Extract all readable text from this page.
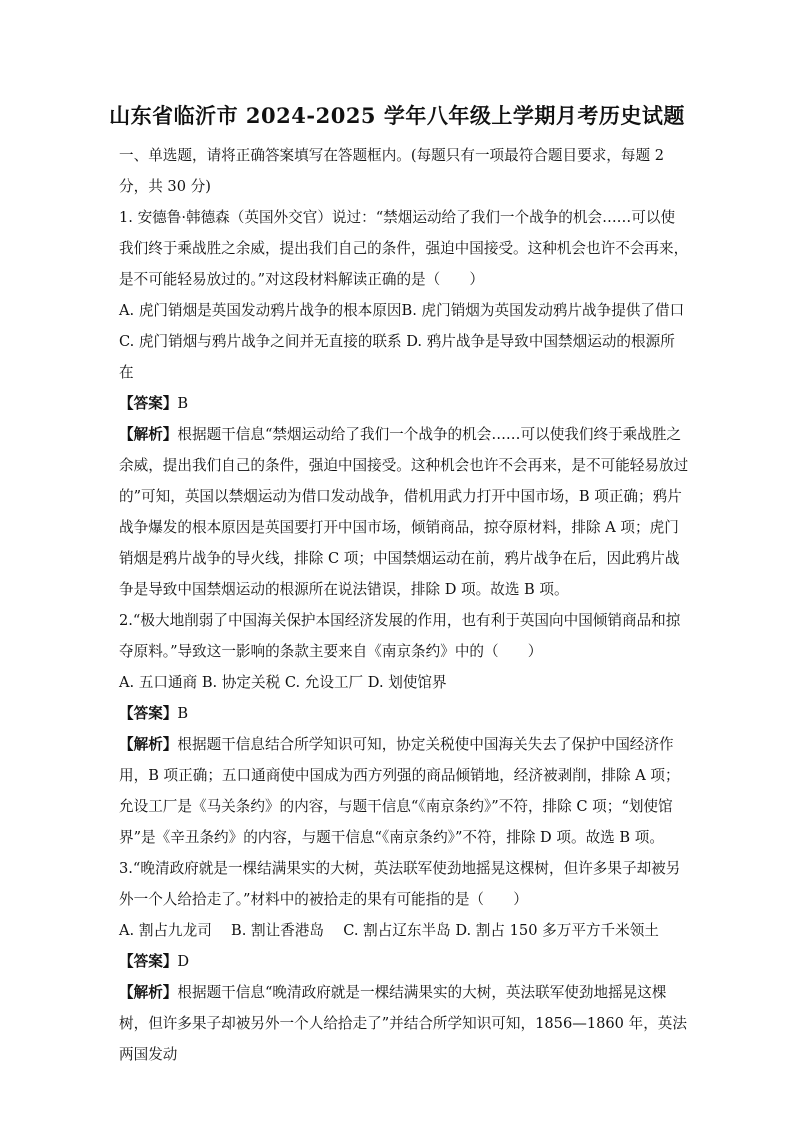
山东省临沂市 2024-2025 学年八年级上学期月考历史试题

一、单选题，请将正确答案填写在答题框内。(每题只有一项最符合题目要求，每题 2 分，共 30 分)

1. 安德鲁·韩德森（英国外交官）说过：“禁烟运动给了我们一个战争的机会……可以使我们终于乘战胜之余威，提出我们自己的条件，强迫中国接受。这种机会也许不会再来，是不可能轻易放过的。”对这段材料解读正确的是（　　）

A. 虎门销烟是英国发动鸦片战争的根本原因B. 虎门销烟为英国发动鸦片战争提供了借口

C. 虎门销烟与鸦片战争之间并无直接的联系 D. 鸦片战争是导致中国禁烟运动的根源所在

【答案】B

【解析】根据题干信息“禁烟运动给了我们一个战争的机会……可以使我们终于乘战胜之余威，提出我们自己的条件，强迫中国接受。这种机会也许不会再来，是不可能轻易放过的”可知，英国以禁烟运动为借口发动战争，借机用武力打开中国市场，B 项正确；鸦片战争爆发的根本原因是英国要打开中国市场，倾销商品，掠夺原材料，排除 A 项；虎门销烟是鸦片战争的导火线，排除 C 项；中国禁烟运动在前，鸦片战争在后，因此鸦片战争是导致中国禁烟运动的根源所在说法错误，排除 D 项。故选 B 项。

2.“极大地削弱了中国海关保护本国经济发展的作用，也有利于英国向中国倾销商品和掠夺原料。”导致这一影响的条款主要来自《南京条约》中的（　　）

A. 五口通商 B. 协定关税 C. 允设工厂 D. 划使馆界

【答案】B

【解析】根据题干信息结合所学知识可知，协定关税使中国海关失去了保护中国经济作用，B 项正确；五口通商使中国成为西方列强的商品倾销地，经济被剥削，排除 A 项；允设工厂是《马关条约》的内容，与题干信息“《南京条约》”不符，排除 C 项；“划使馆界”是《辛丑条约》的内容，与题干信息“《南京条约》”不符，排除 D 项。故选 B 项。

3.“晚清政府就是一棵结满果实的大树，英法联军使劲地摇晃这棵树，但许多果子却被另外一个人给拾走了。”材料中的被拾走的果有可能指的是（　　）

A. 割占九龙司　 B. 割让香港岛　 C. 割占辽东半岛 D. 割占 150 多万平方千米领土

【答案】D

【解析】根据题干信息“晚清政府就是一棵结满果实的大树，英法联军使劲地摇晃这棵树，但许多果子却被另外一个人给拾走了”并结合所学知识可知，1856—1860 年，英法两国发动
